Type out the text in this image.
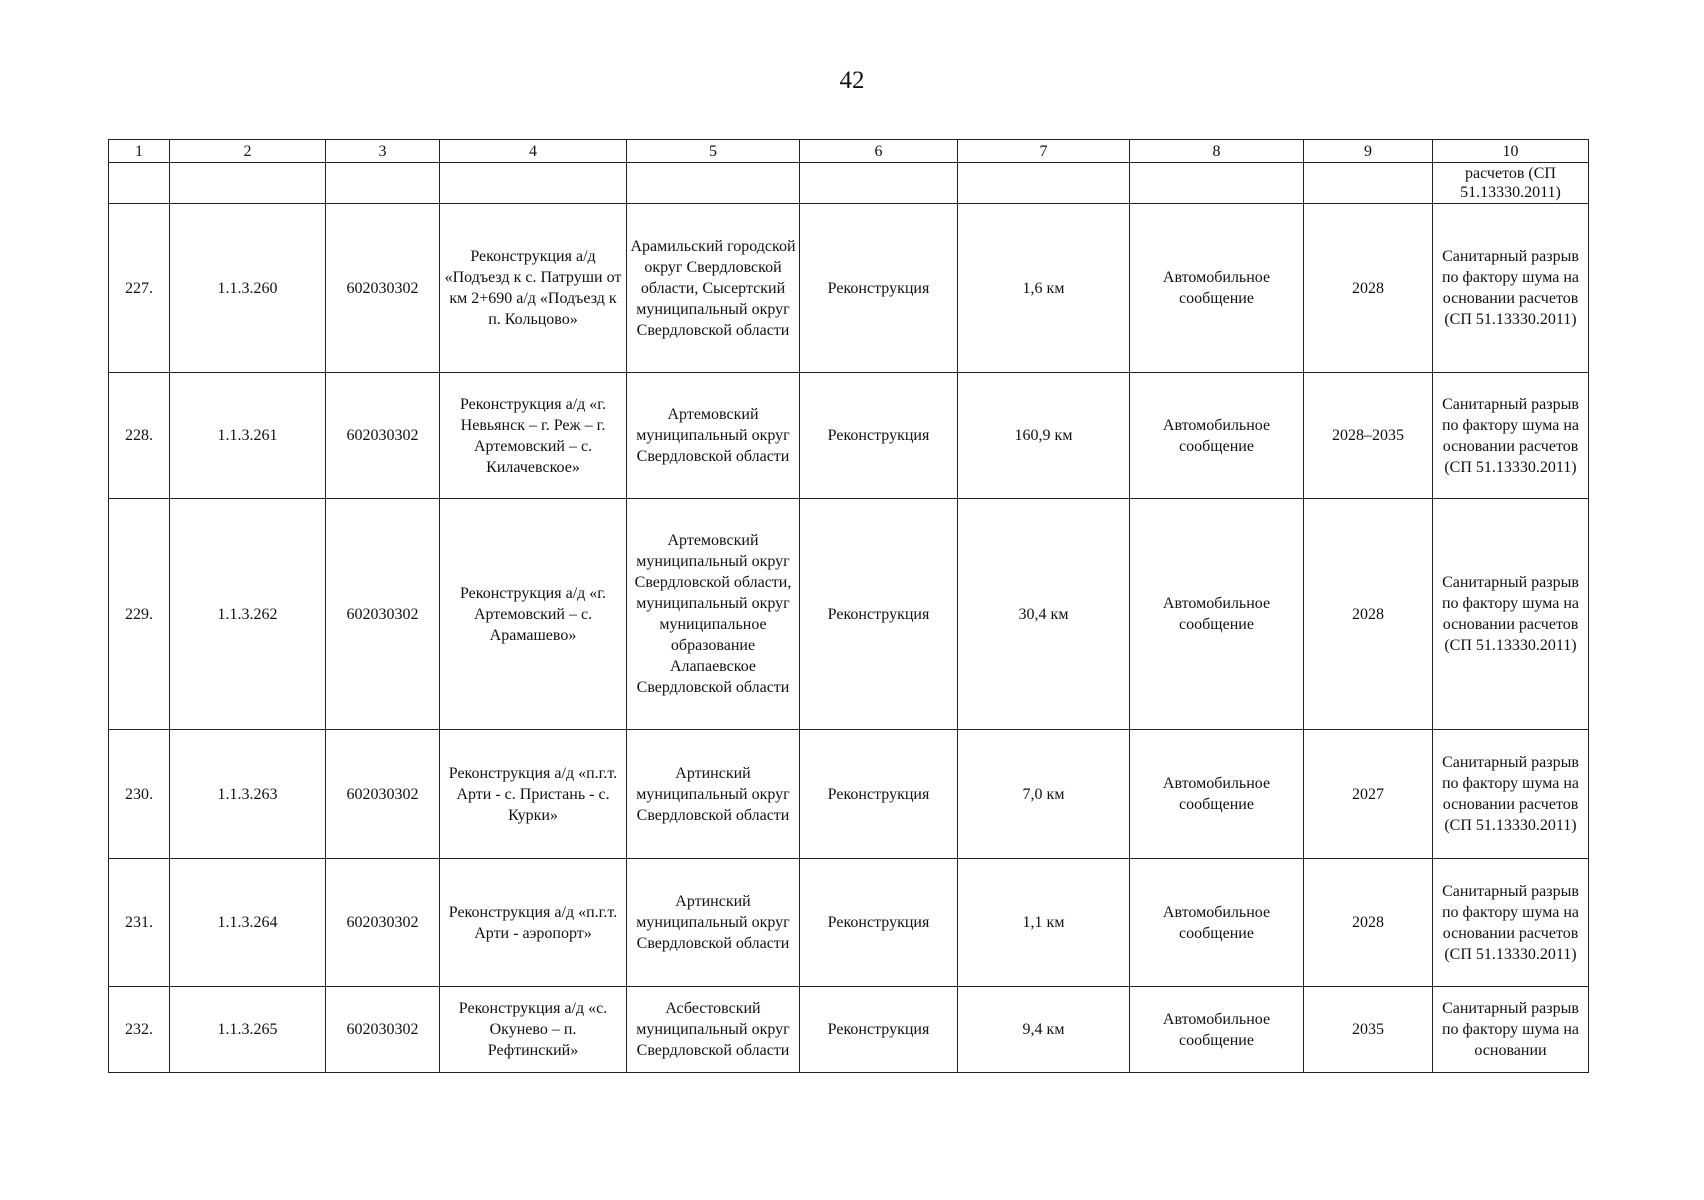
42
1	2	3	4	5	6	7	8	9	10
									расчетов (СП 51.13330.2011)
227.	1.1.3.260	602030302	Реконструкция а/д «Подъезд к с. Патруши от км 2+690 а/д «Подъезд к п. Кольцово»	Арамильский городской округ Свердловской области, Сысертский муниципальный округ Свердловской области	Реконструкция	1,6 км	Автомобильное сообщение	2028	Санитарный разрыв по фактору шума на основании расчетов (СП 51.13330.2011)
228.	1.1.3.261	602030302	Реконструкция а/д «г. Невьянск – г. Реж – г. Артемовский – с. Килачевское»	Артемовский муниципальный округ Свердловской области	Реконструкция	160,9 км	Автомобильное сообщение	2028–2035	Санитарный разрыв по фактору шума на основании расчетов (СП 51.13330.2011)
229.	1.1.3.262	602030302	Реконструкция а/д «г. Артемовский – с. Арамашево»	Артемовский муниципальный округ Свердловской области, муниципальный округ муниципальное образование Алапаевское Свердловской области	Реконструкция	30,4 км	Автомобильное сообщение	2028	Санитарный разрыв по фактору шума на основании расчетов (СП 51.13330.2011)
230.	1.1.3.263	602030302	Реконструкция а/д «п.г.т. Арти - с. Пристань - с. Курки»	Артинский муниципальный округ Свердловской области	Реконструкция	7,0 км	Автомобильное сообщение	2027	Санитарный разрыв по фактору шума на основании расчетов (СП 51.13330.2011)
231.	1.1.3.264	602030302	Реконструкция а/д «п.г.т. Арти - аэропорт»	Артинский муниципальный округ Свердловской области	Реконструкция	1,1 км	Автомобильное сообщение	2028	Санитарный разрыв по фактору шума на основании расчетов (СП 51.13330.2011)
232.	1.1.3.265	602030302	Реконструкция а/д «с. Окунево – п. Рефтинский»	Асбестовский муниципальный округ Свердловской области	Реконструкция	9,4 км	Автомобильное сообщение	2035	Санитарный разрыв по фактору шума на основании
